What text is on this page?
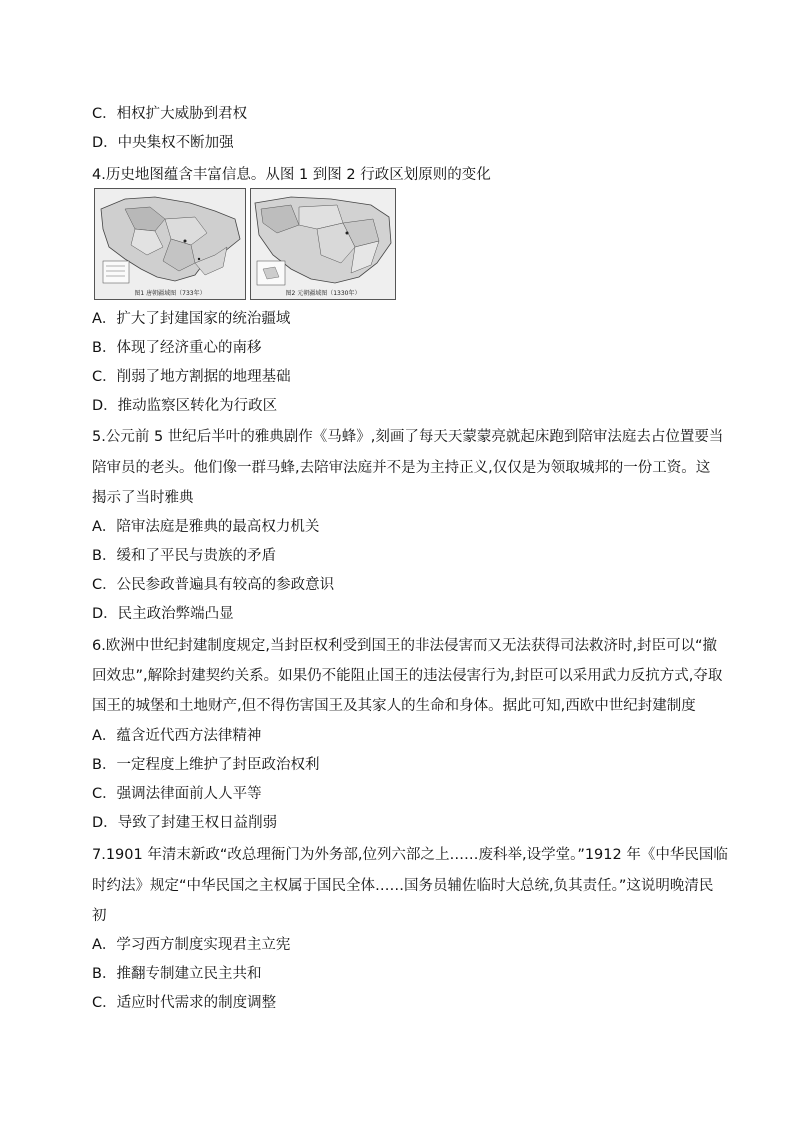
C．相权扩大威胁到君权
D．中央集权不断加强
4.历史地图蕴含丰富信息。从图 1 到图 2 行政区划原则的变化
图1 唐朝疆域图（733年）	图2 元朝疆域图（1330年）
A．扩大了封建国家的统治疆域
B．体现了经济重心的南移
C．削弱了地方割据的地理基础
D．推动监察区转化为行政区
5.公元前 5 世纪后半叶的雅典剧作《马蜂》,刻画了每天天蒙蒙亮就起床跑到陪审法庭去占位置要当
陪审员的老头。他们像一群马蜂,去陪审法庭并不是为主持正义,仅仅是为领取城邦的一份工资。这
揭示了当时雅典
A．陪审法庭是雅典的最高权力机关
B．缓和了平民与贵族的矛盾
C．公民参政普遍具有较高的参政意识
D．民主政治弊端凸显
6.欧洲中世纪封建制度规定,当封臣权利受到国王的非法侵害而又无法获得司法救济时,封臣可以“撤
回效忠”,解除封建契约关系。如果仍不能阻止国王的违法侵害行为,封臣可以采用武力反抗方式,夺取
国王的城堡和土地财产,但不得伤害国王及其家人的生命和身体。据此可知,西欧中世纪封建制度
A．蕴含近代西方法律精神
B．一定程度上维护了封臣政治权利
C．强调法律面前人人平等
D．导致了封建王权日益削弱
7.1901 年清末新政“改总理衙门为外务部,位列六部之上……废科举,设学堂。”1912 年《中华民国临
时约法》规定“中华民国之主权属于国民全体……国务员辅佐临时大总统,负其责任。”这说明晚清民
初
A．学习西方制度实现君主立宪
B．推翻专制建立民主共和
C．适应时代需求的制度调整
